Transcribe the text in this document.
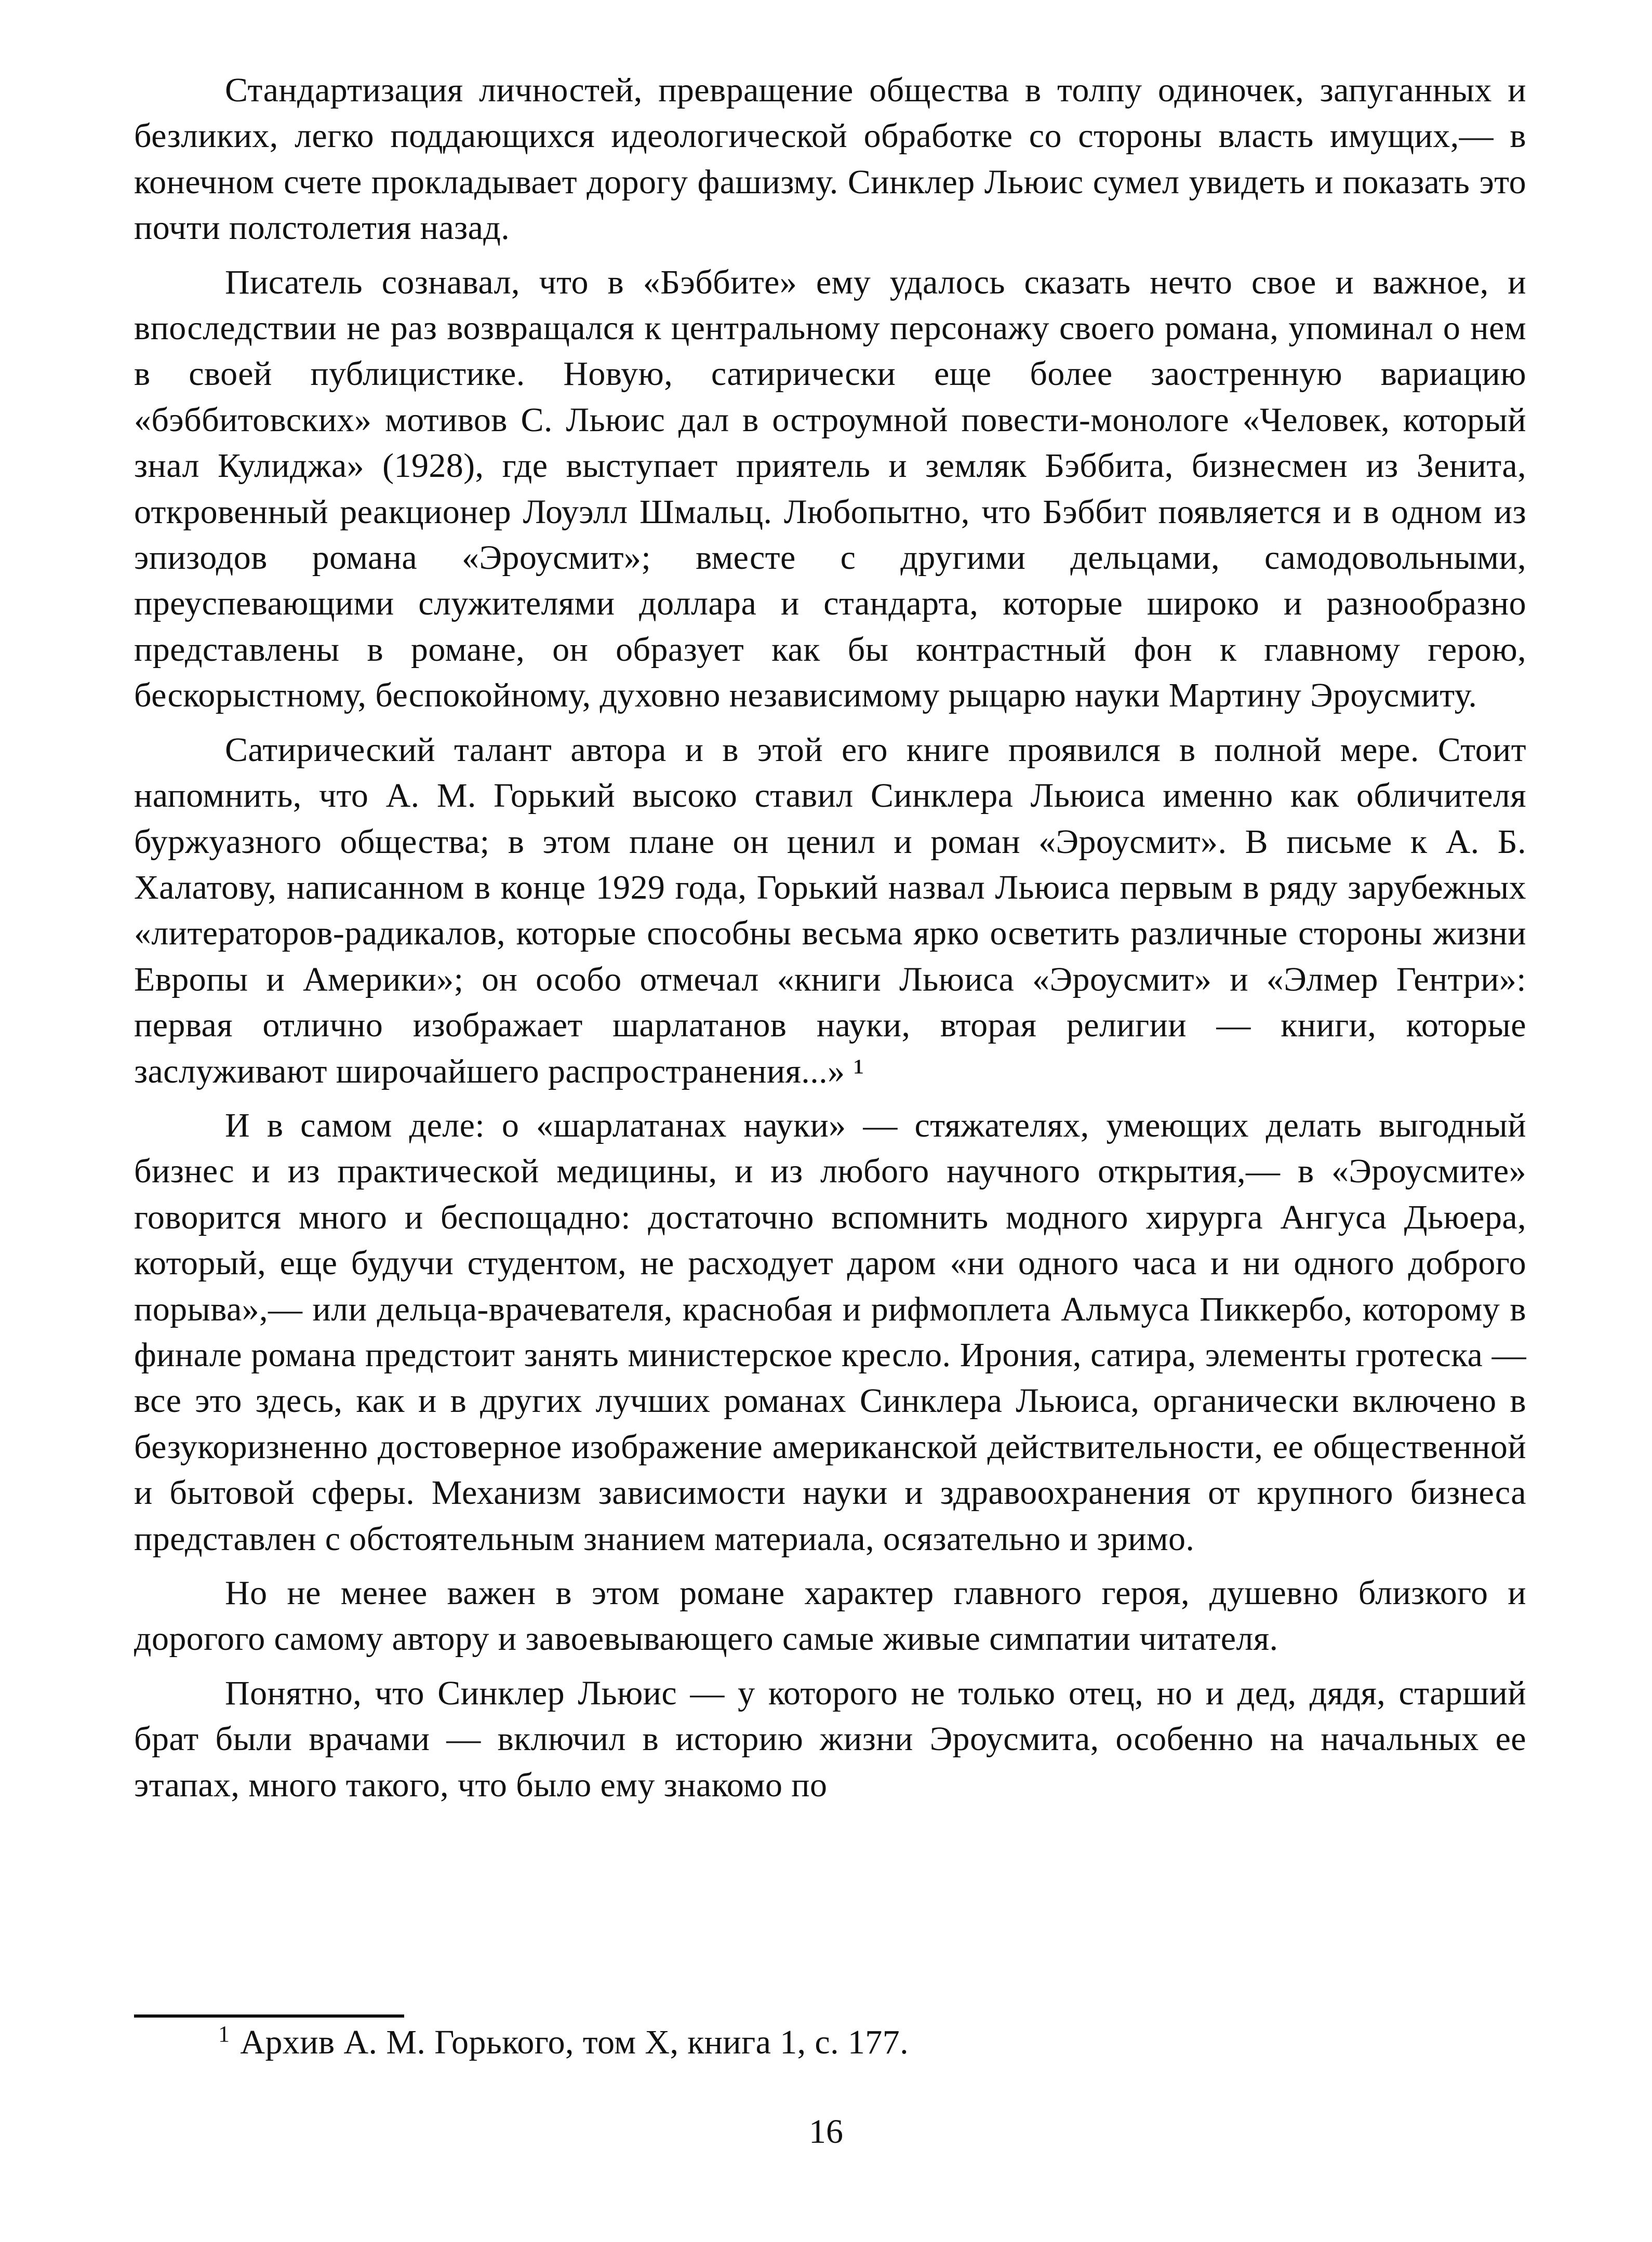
Стандартизация личностей, превращение общества в толпу одиночек, запуганных и безликих, легко поддающихся идеологической обработке со стороны власть имущих,— в конечном счете прокладывает дорогу фашизму. Синклер Льюис сумел увидеть и показать это почти полстолетия назад.

Писатель сознавал, что в «Бэббите» ему удалось сказать нечто свое и важное, и впоследствии не раз возвращался к центральному персонажу своего романа, упоминал о нем в своей публицистике. Новую, сатирически еще более заостренную вариацию «бэббитовских» мотивов С. Льюис дал в остроумной повести-монологе «Человек, который знал Кулиджа» (1928), где выступает приятель и земляк Бэббита, бизнесмен из Зенита, откровенный реакционер Лоуэлл Шмальц. Любопытно, что Бэббит появляется и в одном из эпизодов романа «Эроусмит»; вместе с другими дельцами, самодовольными, преуспевающими служителями доллара и стандарта, которые широко и разнообразно представлены в романе, он образует как бы контрастный фон к главному герою, бескорыстному, беспокойному, духовно независимому рыцарю науки Мартину Эроусмиту.

Сатирический талант автора и в этой его книге проявился в полной мере. Стоит напомнить, что А. М. Горький высоко ставил Синклера Льюиса именно как обличителя буржуазного общества; в этом плане он ценил и роман «Эроусмит». В письме к А. Б. Халатову, написанном в конце 1929 года, Горький назвал Льюиса первым в ряду зарубежных «литераторов-радикалов, которые способны весьма ярко осветить различные стороны жизни Европы и Америки»; он особо отмечал «книги Льюиса «Эроусмит» и «Элмер Гентри»: первая отлично изображает шарлатанов науки, вторая религии — книги, которые заслуживают широчайшего распространения...» ¹

И в самом деле: о «шарлатанах науки» — стяжателях, умеющих делать выгодный бизнес и из практической медицины, и из любого научного открытия,— в «Эроусмите» говорится много и беспощадно: достаточно вспомнить модного хирурга Ангуса Дьюера, который, еще будучи студентом, не расходует даром «ни одного часа и ни одного доброго порыва»,— или дельца-врачевателя, краснобая и рифмоплета Альмуса Пиккербо, которому в финале романа предстоит занять министерское кресло. Ирония, сатира, элементы гротеска — все это здесь, как и в других лучших романах Синклера Льюиса, органически включено в безукоризненно достоверное изображение американской действительности, ее общественной и бытовой сферы. Механизм зависимости науки и здравоохранения от крупного бизнеса представлен с обстоятельным знанием материала, осязательно и зримо.

Но не менее важен в этом романе характер главного героя, душевно близкого и дорогого самому автору и завоевывающего самые живые симпатии читателя.

Понятно, что Синклер Льюис — у которого не только отец, но и дед, дядя, старший брат были врачами — включил в историю жизни Эроусмита, особенно на начальных ее этапах, много такого, что было ему знакомо по

$^1$ Архив А. М. Горького, том X, книга 1, с. 177.
16
